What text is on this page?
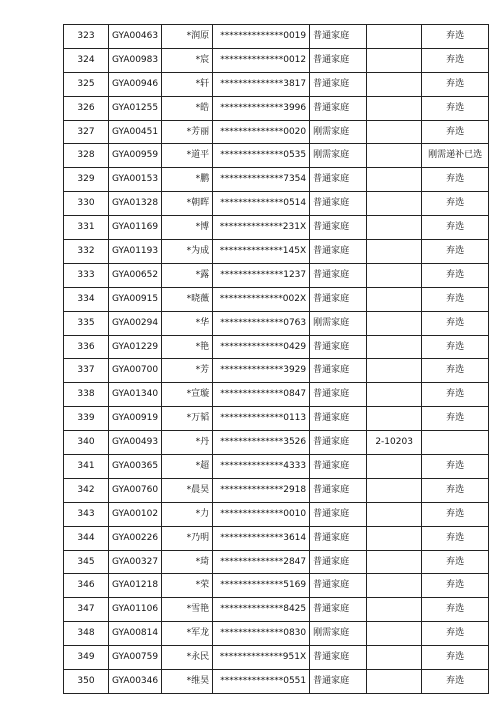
323	GYA00463	*润原	**************0019	普通家庭		弃选
324	GYA00983	*宸	**************0012	普通家庭		弃选
325	GYA00946	*轩	**************3817	普通家庭		弃选
326	GYA01255	*皓	**************3996	普通家庭		弃选
327	GYA00451	*芳丽	**************0020	刚需家庭		弃选
328	GYA00959	*道平	**************0535	刚需家庭		刚需递补已选
329	GYA00153	*鹏	**************7354	普通家庭		弃选
330	GYA01328	*朝晖	**************0514	普通家庭		弃选
331	GYA01169	*博	**************231X	普通家庭		弃选
332	GYA01193	*为成	**************145X	普通家庭		弃选
333	GYA00652	*露	**************1237	普通家庭		弃选
334	GYA00915	*晓薇	**************002X	普通家庭		弃选
335	GYA00294	*华	**************0763	刚需家庭		弃选
336	GYA01229	*艳	**************0429	普通家庭		弃选
337	GYA00700	*芳	**************3929	普通家庭		弃选
338	GYA01340	*宣璇	**************0847	普通家庭		弃选
339	GYA00919	*万韬	**************0113	普通家庭		弃选
340	GYA00493	*丹	**************3526	普通家庭	2-10203	
341	GYA00365	*超	**************4333	普通家庭		弃选
342	GYA00760	*晨昊	**************2918	普通家庭		弃选
343	GYA00102	*力	**************0010	普通家庭		弃选
344	GYA00226	*乃明	**************3614	普通家庭		弃选
345	GYA00327	*琦	**************2847	普通家庭		弃选
346	GYA01218	*荣	**************5169	普通家庭		弃选
347	GYA01106	*雪艳	**************8425	普通家庭		弃选
348	GYA00814	*军龙	**************0830	刚需家庭		弃选
349	GYA00759	*永民	**************951X	普通家庭		弃选
350	GYA00346	*维昊	**************0551	普通家庭		弃选
